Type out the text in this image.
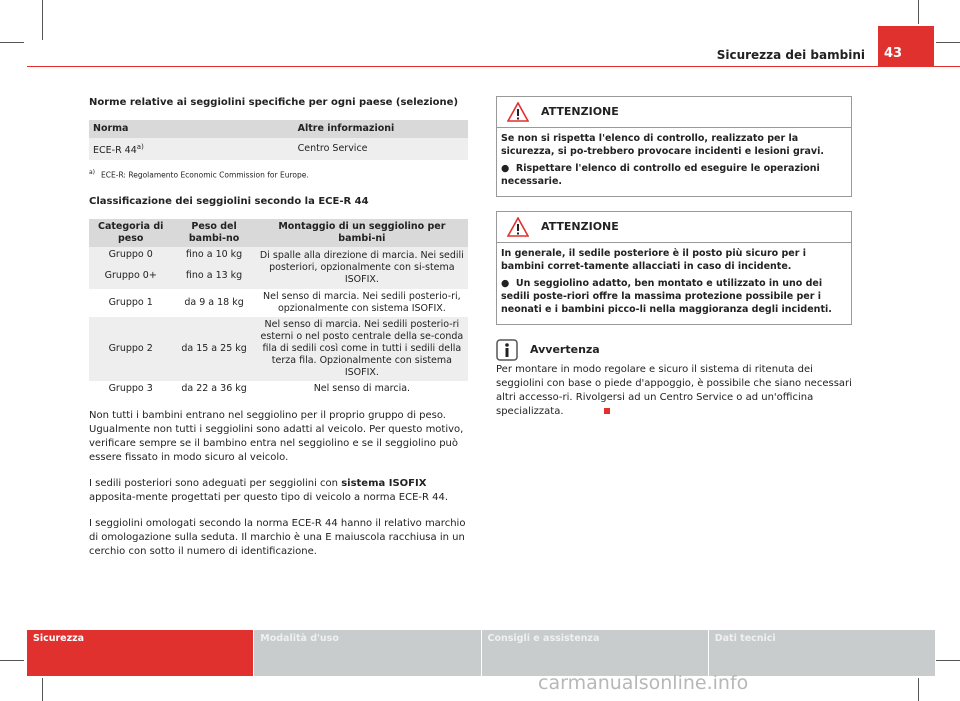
Sicurezza dei bambini	43

Norme relative ai seggiolini specifiche per ogni paese (selezione)

Norma	Altre informazioni
ECE-R 44$^{a)}$	Centro Service

$^{a)}$ ECE-R: Regolamento Economic Commission for Europe.

Classificazione dei seggiolini secondo la ECE-R 44

Categoria di peso	Peso del bambi-no	Montaggio di un seggiolino per bambi-ni
Gruppo 0	fino a 10 kg	Di spalle alla direzione di marcia. Nei sedili posteriori, opzionalmente con si-stema ISOFIX.
Gruppo 0+	fino a 13 kg	
Gruppo 1	da 9 a 18 kg	Nel senso di marcia. Nei sedili posterio-ri, opzionalmente con sistema ISOFIX.
Gruppo 2	da 15 a 25 kg	Nel senso di marcia. Nei sedili posterio-ri esterni o nel posto centrale della se-conda fila di sedili così come in tutti i sedili della terza fila. Opzionalmente con sistema ISOFIX.
Gruppo 3	da 22 a 36 kg	Nel senso di marcia.

Non tutti i bambini entrano nel seggiolino per il proprio gruppo di peso. Ugualmente non tutti i seggiolini sono adatti al veicolo. Per questo motivo, verificare sempre se il bambino entra nel seggiolino e se il seggiolino può essere fissato in modo sicuro al veicolo.

I sedili posteriori sono adeguati per seggiolini con sistema ISOFIX apposita-mente progettati per questo tipo di veicolo a norma ECE-R 44.

I seggiolini omologati secondo la norma ECE-R 44 hanno il relativo marchio di omologazione sulla seduta. Il marchio è una E maiuscola racchiusa in un cerchio con sotto il numero di identificazione.

ATTENZIONE

Se non si rispetta l'elenco di controllo, realizzato per la sicurezza, si po-trebbero provocare incidenti e lesioni gravi.

●  Rispettare l'elenco di controllo ed eseguire le operazioni necessarie.

ATTENZIONE

In generale, il sedile posteriore è il posto più sicuro per i bambini corret-tamente allacciati in caso di incidente.

●  Un seggiolino adatto, ben montato e utilizzato in uno dei sedili poste-riori offre la massima protezione possibile per i neonati e i bambini picco-li nella maggioranza degli incidenti.

Avvertenza
Per montare in modo regolare e sicuro il sistema di ritenuta dei seggiolini con base o piede d'appoggio, è possibile che siano necessari altri accesso-ri. Rivolgersi ad un Centro Service o ad un'officina specializzata.
Sicurezza	Modalità d'uso	Consigli e assistenza	Dati tecnici
carmanualsonline.info
